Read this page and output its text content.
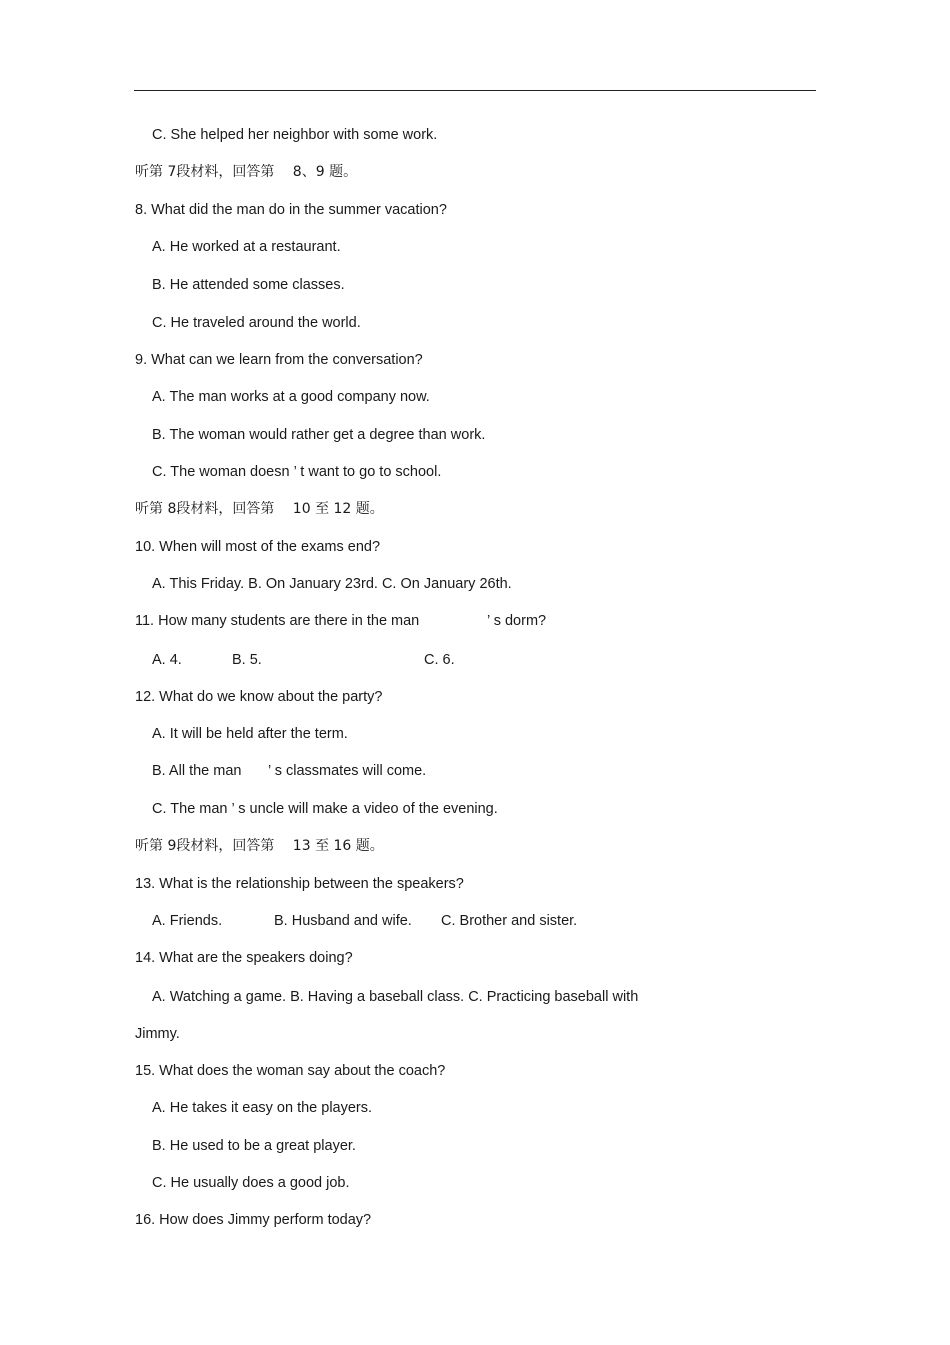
C. She helped her neighbor with some work.
听第 7段材料，回答第　 8、9 题。
8. What did the man do in the summer vacation?
A. He worked at a restaurant.
B. He attended some classes.
C. He traveled around the world.
9. What can we learn from the conversation?
A. The man works at a good company now.
B. The woman would rather get a degree than work.
C. The woman doesn ’ t want to go to school.
听第 8段材料，回答第　 10 至 12 题。
10. When will most of the exams end?
A. This Friday. B. On January 23rd. C. On January 26th.
11. How many students are there in the man	’ s dorm?
A. 4.	B. 5.	C. 6.
12. What do we know about the party?
A. It will be held after the term.
B. All the man ’ s classmates will come.
C. The man ’ s uncle will make a video of the evening.
听第 9段材料，回答第　 13 至 16 题。
13. What is the relationship between the speakers?
A. Friends.	B. Husband and wife. C. Brother and sister.
14. What are the speakers doing?
A. Watching a game. B. Having a baseball class. C. Practicing baseball with
Jimmy.
15. What does the woman say about the coach?
A. He takes it easy on the players.
B. He used to be a great player.
C. He usually does a good job.
16. How does Jimmy perform today?
